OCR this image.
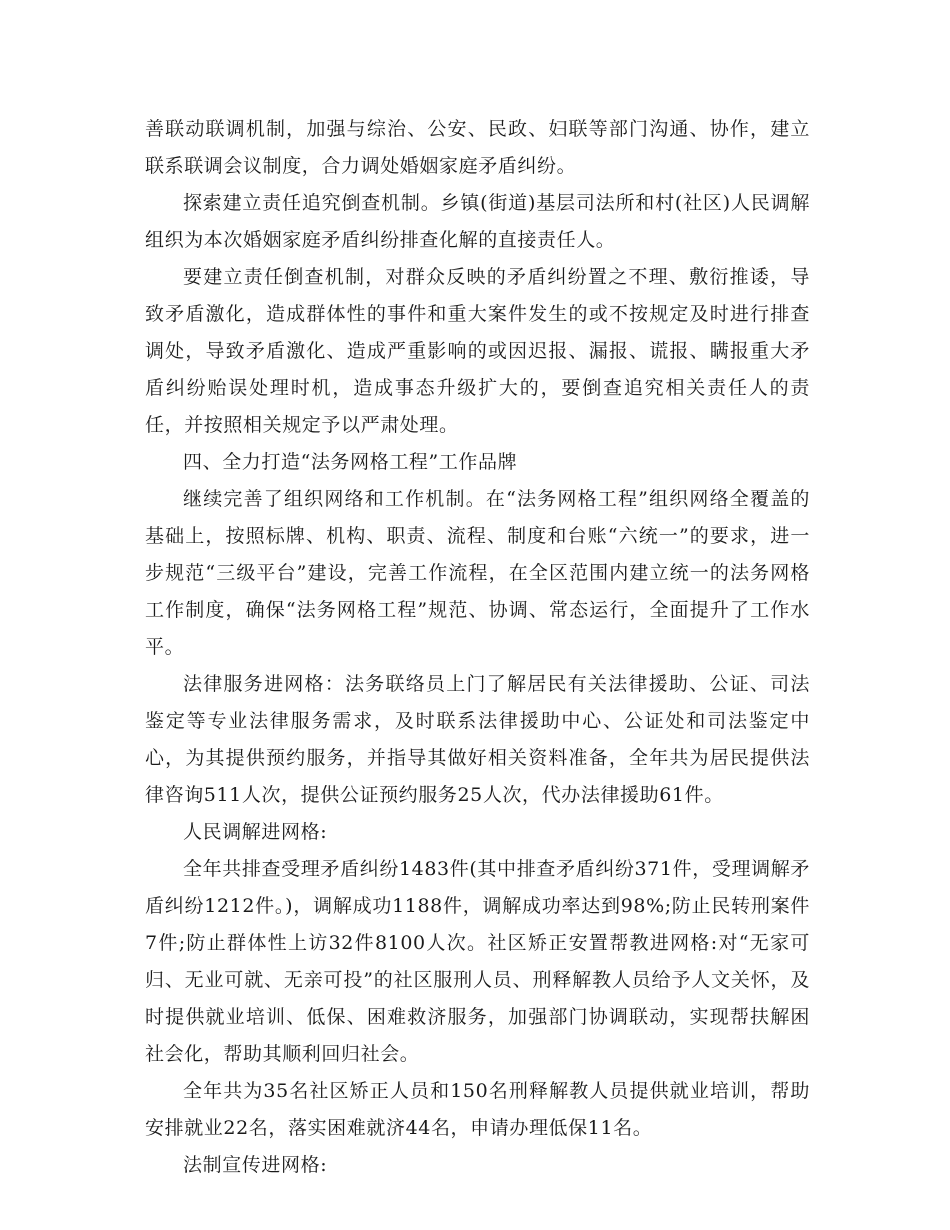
善联动联调机制，加强与综治、公安、民政、妇联等部门沟通、协作，建立联系联调会议制度，合力调处婚姻家庭矛盾纠纷。

探索建立责任追究倒查机制。乡镇(街道)基层司法所和村(社区)人民调解组织为本次婚姻家庭矛盾纠纷排查化解的直接责任人。

要建立责任倒查机制，对群众反映的矛盾纠纷置之不理、敷衍推诿，导致矛盾激化，造成群体性的事件和重大案件发生的或不按规定及时进行排查调处，导致矛盾激化、造成严重影响的或因迟报、漏报、谎报、瞒报重大矛盾纠纷贻误处理时机，造成事态升级扩大的，要倒查追究相关责任人的责任，并按照相关规定予以严肃处理。

四、全力打造“法务网格工程”工作品牌

继续完善了组织网络和工作机制。在“法务网格工程”组织网络全覆盖的基础上，按照标牌、机构、职责、流程、制度和台账“六统一”的要求，进一步规范“三级平台”建设，完善工作流程，在全区范围内建立统一的法务网格工作制度，确保“法务网格工程”规范、协调、常态运行，全面提升了工作水平。

法律服务进网格：法务联络员上门了解居民有关法律援助、公证、司法鉴定等专业法律服务需求，及时联系法律援助中心、公证处和司法鉴定中心，为其提供预约服务，并指导其做好相关资料准备，全年共为居民提供法律咨询511人次，提供公证预约服务25人次，代办法律援助61件。

人民调解进网格:

全年共排查受理矛盾纠纷1483件(其中排查矛盾纠纷371件，受理调解矛盾纠纷1212件。)，调解成功1188件，调解成功率达到98%;防止民转刑案件7件;防止群体性上访32件8100人次。社区矫正安置帮教进网格:对“无家可归、无业可就、无亲可投”的社区服刑人员、刑释解教人员给予人文关怀，及时提供就业培训、低保、困难救济服务，加强部门协调联动，实现帮扶解困社会化，帮助其顺利回归社会。

全年共为35名社区矫正人员和150名刑释解教人员提供就业培训，帮助安排就业22名，落实困难就济44名，申请办理低保11名。

法制宣传进网格:
